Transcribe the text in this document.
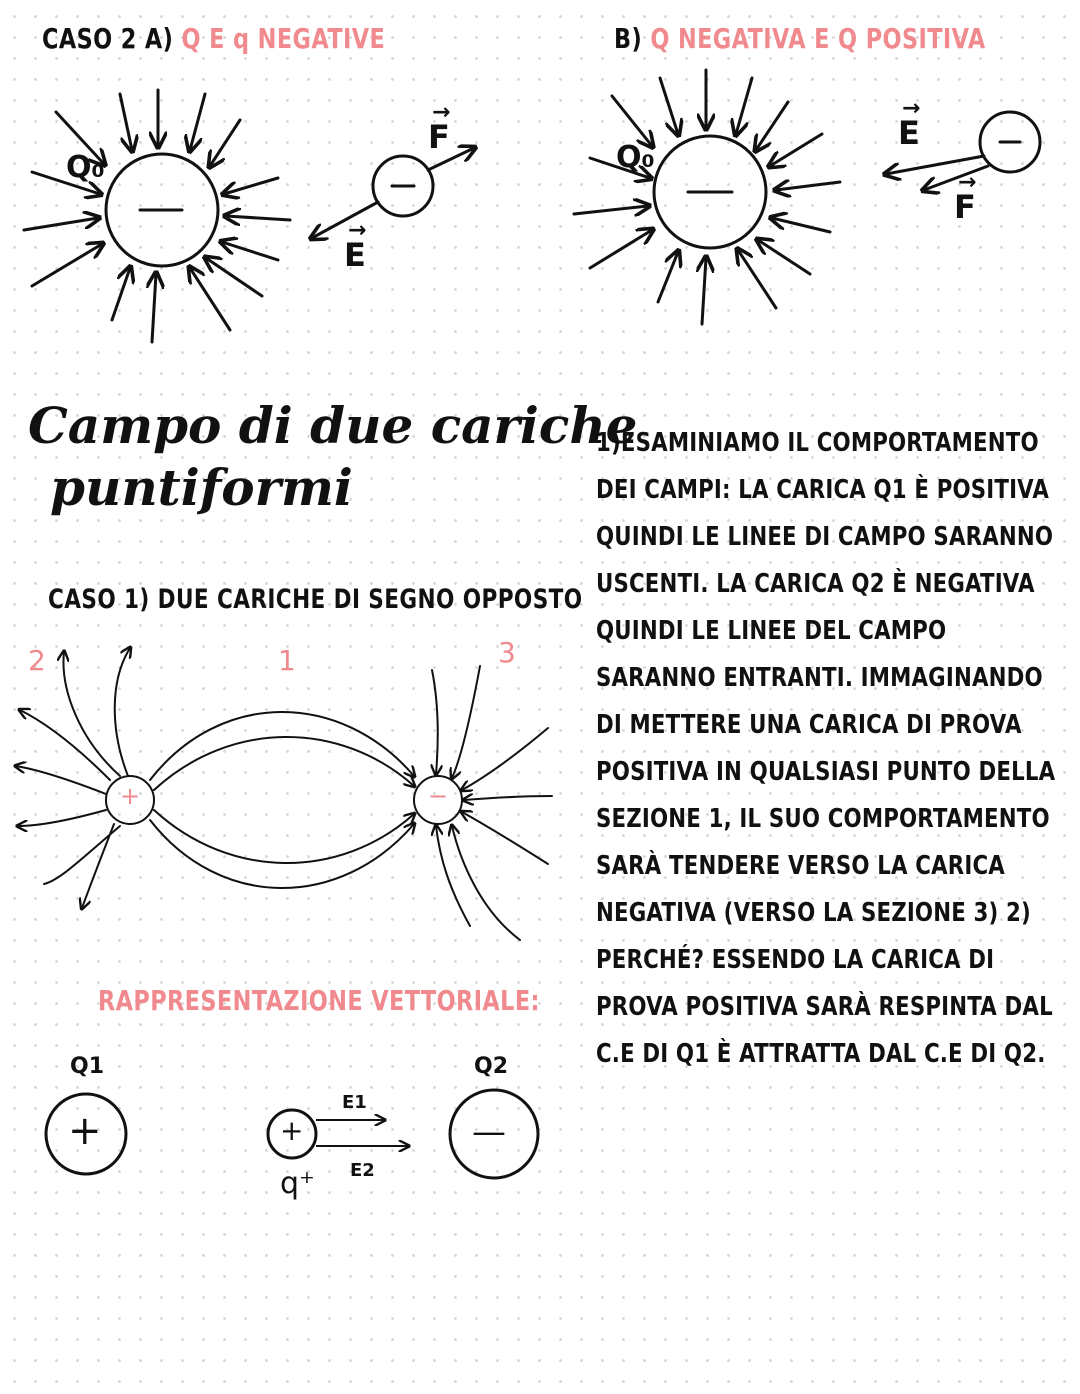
CASO 2 A) Q E q NEGATIVE	B) Q NEGATIVA E Q POSITIVA

Q₀

→
F

→
E

Q₀

→
E

→
F

Campo di due cariche

puntiformi

CASO 1) DUE CARICHE DI SEGNO OPPOSTO

+	−

2	1	3

RAPPRESENTAZIONE VETTORIALE:

Q1	Q2

+	—

+

q⁺

E1

E2

1)ESAMINIAMO IL COMPORTAMENTO DEI CAMPI: LA CARICA Q1 È POSITIVA QUINDI LE LINEE DI CAMPO SARANNO USCENTI. LA CARICA Q2 È NEGATIVA QUINDI LE LINEE DEL CAMPO SARANNO ENTRANTI. IMMAGINANDO DI METTERE UNA CARICA DI PROVA POSITIVA IN QUALSIASI PUNTO DELLA SEZIONE 1, IL SUO COMPORTAMENTO SARÀ TENDERE VERSO LA CARICA NEGATIVA (VERSO LA SEZIONE 3) 2) PERCHÉ? ESSENDO LA CARICA DI PROVA POSITIVA SARÀ RESPINTA DAL C.E DI Q1 È ATTRATTA DAL C.E DI Q2.
